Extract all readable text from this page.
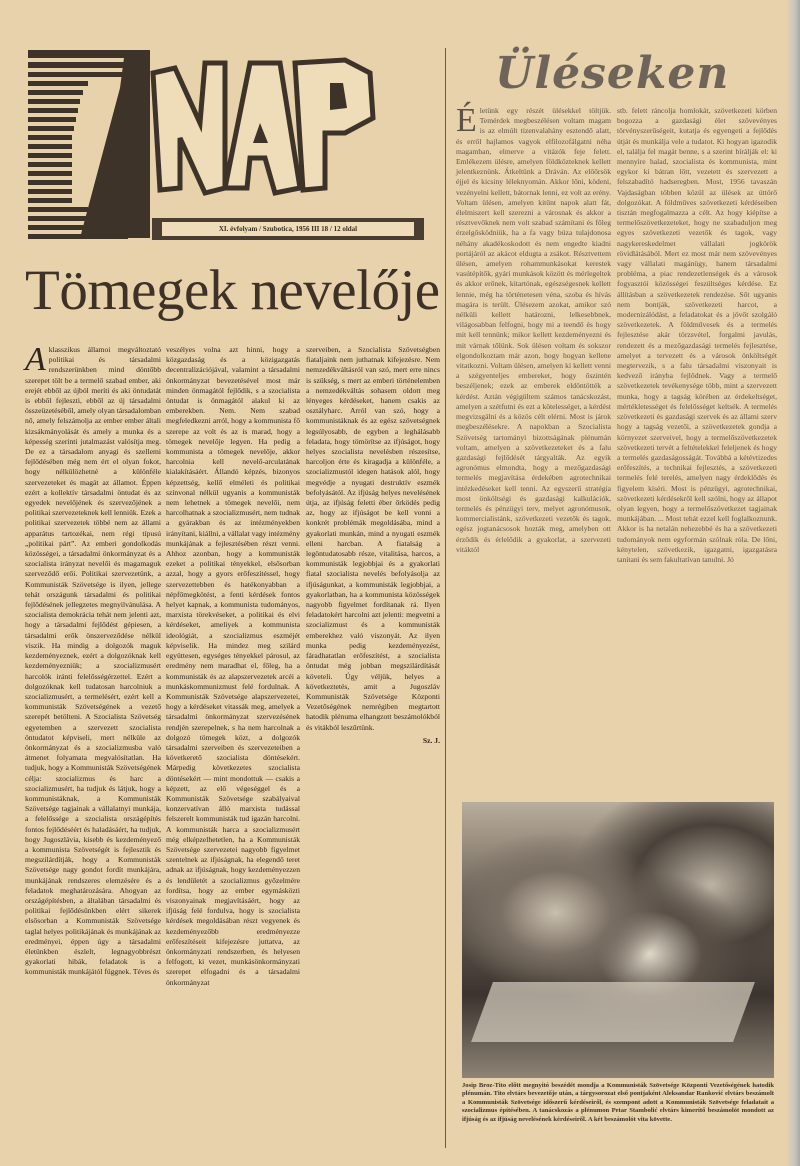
XI. évfolyam / Szubotica, 1956 III 18 / 12 oldal
Tömegek nevelője
Aklasszikus államoi megváltoztató politikai és társadalmi rendszerünkben mind döntőbb szerepet tölt be a termelő szabad ember, aki erejét ebből az újból meríti és aki öntudatát is ebből fejleszti, ebből az új társadalmi összeüzetéséből, amely olyan társadalomban nő, amely felszámolja az ember ember általi kizsákmányolását és amely a munka és a képesség szerinti jutalmazást valósítja meg. De ez a társadalom anyagi és szellemi fejlődésében még nem ért el olyan fokot, hogy nélkülözhetné a különféle szervezeteket és magát az államot. Éppen ezért a kollektív társadalmi öntudat és az egyedek nevelőjének és szervezőjének a politikai szervezeteknek kell lenniük. Ezek a politikai szervezetek többé nem az állami apparátus tartozékai, nem régi típusú „politikai párt”. Az emberi gondolkodás közösségei, a társadalmi önkormányzat és a szocialista irányzat nevelői és magamaguk szerveződő erői. Politikai szervezetünk, a Kommunisták Szövetsége is ilyen, jellege tehát országunk társadalmi és politikai fejlődésének jellegzetes megnyilvánulása. A szocialista demokrácia tehát nem jelenti azt, hogy a társadalmi fejlődést gépiesen, a társadalmi erők önszerveződése nélkül viszik. Ha mindig a dolgozók maguk kezdeményeznek, ezért a dolgozóknak kell kezdeményezniük; a szocializmusért harcolók iránti felelősségérzettel. Ezért a dolgozóknak kell tudatosan harcolniuk a szocializmusért, a termelésért, ezért kell a kommunisták Szövetségének a vezető szerepét betölteni. A Szocialista Szövetség egyetemben a szervezett szocialista öntudatot képviseli, mert nélküle az önkormányzat és a szocializmusba való átmenet folyamata megvalósítatlan. Ha tudjuk, hogy a Kommunisták Szövetségének célja: szocializmus és harc a szocializmusért, ha tudjuk és látjuk, hogy a kommunistáknak, a Kommunisták Szövetsége tagjainak a vállalatnyi munkája, a felelőssége a szocialista országépítés fontos fejlődéséért és haladásáért, ha tudjuk, hogy Jugoszlávia, kisebb és kezdeményező a kommunista Szövetségét is fejlesztik és megszilárdítják, hogy a Kommunisták Szövetsége nagy gondot fordít munkájára, munkájának rendszeres elemzésére és a feladatok meghatározására. Ahogyan az országépítésben, a általában társadalmi és politikai fejlődésünkben elért sikerek elsősorban a Kommunisták Szövetsége taglal helyes politikájának és munkájának az eredményei, éppen úgy a társadalmi életünkben észlelt, legnagyobbrészt gyakorlati hibák, feladatok is a kommunisták munkájától függnek. Téves és
veszélyes volna azt hinni, hogy a közgazdaság és a közigazgatás decentralizációjával, valamint a társadalmi önkormányzat bevezetésével most már minden önmagától fejlődik, s a szocialista öntudat is önmagától alakul ki az emberekben. Nem. Nem szabad megfeledkezni arról, hogy a kommunista fő szerepe az volt és az is marad, hogy a tömegek nevelője legyen. Ha pedig a kommunista a tömegek nevelője, akkor harcolnia kell nevelő-arculatának kialakításáért. Állandó képzés, bizonyos képzettség, kellő elméleti és politikai színvonal nélkül ugyanis a kommunisták nem lehetnek a tömegek nevelői, nem harcolhatnak a szocializmusért, nem tudnak a gyárakban és az intézményekben irányítani, kiállni, a vállalat vagy intézmény munkájának a fejlesztésében részt venni. Ahhoz azonban, hogy a kommunisták ezeket a politikai tényekkel, elsősorban azzal, hogy a gyors erőfeszítéssel, hogy szervezettebben és hatékonyabban a népfőmegkötést, a fenti kérdések fontos helyet kapnak, a kommunista tudományos, marxista törekvéseket, a politikai és elvi kérdéseket, ameliyek a kommunista ideológiát, a szocializmus eszméjét képviselik. Ha mindez meg szilárd együttesen, egységes tényekkel párosul, az eredmény nem maradhat el, főleg, ha a kommunisták és az alapszervezetek arcéi a munkáskommunizmust felé fordulnak. A Kommunisták Szövetsége alapszervezetei, hogy a kérdéseket vitassák meg, amelyek a társadalmi önkormányzat szervezésének rendjén szerepelnek, s ha nem harcolnak a dolgozó tömegek közt, a dolgozók társadalmi szerveiben és szervezeteiben a követkerető szocialista döntésekért. Márpedig következetes szocialista döntésekért — mint mondottuk — csakis a képzett, az elő végeséggel és a Kommunisták Szövetsége szabályaival konzervatívan álló marxista tudással felszerelt kommunisták tud igazán harcolni. A kommunisták harca a szocializmusért még elképzelhetetlen, ha a Kommunisták Szövetsége szervezetei nagyobb figyelmet szentelnek az ifjúságnak, ha elegendő teret adnak az ifjúságnak, hogy kezdeményezzen és lendületét a szocializmus győzelmére fordítsa, hogy az ember egymásközti viszonyainak megjavításáért, hogy az ifjúság felé fordulva, hogy is szocialista kérdések megoldásában részt vegyenek és kezdeményezőbb eredményezze erőfeszítéseit kifejezésre juttatva, az önkormányzati rendszerben, és helyesen felfogott, ki vezet, munkásönkormányzati szerepet elfogadni és a társadalmi önkormányzat
szerveiben, a Szocialista Szövetségben fiataljaink nem juthatnak kifejezésre. Nem nemzedékváltásról van szó, mert erre nincs is szükség, s mert az emberi történelemben a nemzedékváltás sohasem oldott meg lényeges kérdéseket, hanem csakis az osztályharc. Arról van szó, hogy a kommunistáknak és az egész szövetségnek legsúlyosabb, de egyben a leghálásabb feladata, hogy tömörítse az ifjúságot, hogy helyes szocialista nevelésben részesítse, harcoljon érte és kiragadja a különféle, a szocializmustól idegen hatások alól, hogy megvédje a nyugati destruktív eszmék befolyásától. Az ifjúság helyes nevelésének útja, az ifjúság feletti éber őrködés pedig az, hogy az ifjúságot be kell vonni a konkrét problémák megoldásába, mind a gyakorlati munkán, mind a nyugati eszmék elleni harcban. A fiatalság a legöntudatosabb része, vitalitása, harcos, a kommunisták legjobbjai és a gyakorlati fiatal szocialista nevelés befolyásolja az ifjúságunkat, a kommunisták legjobbjai, a gyakorlatban, ha a kommunista közösségek nagyobb figyelmet fordítanak rá. Ilyen feladatokért harcolni azt jelenti: megvetni a szocializmust és a kommunisták emberekhez való viszonyát. Az ilyen munka pedig kezdeményezést, fáradhatatlan erőfeszítést, a szocialista öntudat még jobban megszilárdítását követeli. Úgy véljük, helyes a következtetés, amit a Jugoszláv Kommunisták Szövetsége Központi Vezetőségének nemrégiben megtartott hatodik plénuma elhangzott beszámolókból és vitákból leszűrtünk.
Sz. J.
Üléseken
Életünk egy részét ülésekkel töltjük. Temérdek megbeszélésen voltam magam is az elmúlt tizenvalahány esztendő alatt, és erről hajlamos vagyok elfilozofálgatni néha magamban, elmerve a vitázók feje felett. Emlékezem ülésre, amelyen földközteknek kellett jelentkeznünk. Átkeltünk a Dráván. Az előőrsök éjjel és kicsiny léleknyomán. Akkor lőni, ködeni, vezényelni kellett, bátornak lenni, ez volt az erény. Voltam ülésen, amelyen kitűnt napok alatt fát, élelmiszert kell szerezni a városnak és akkor a résztvevőknek nem volt szabad számítani és főleg érzelgősködniük, ha a fa vagy búza tulajdonosa néhány akadékoskodott és nem engedte kiadni portájáról az akácot eldugta a zsákot. Résztvettem ülésen, amelyen rohammunkásokat kerestek vasútépítők, gyári munkások között és mérlegeltek és akkor erőnek, kitartónak, egészségesnek kellett lennie, még ha történetesen véna, szoba és hívás magára is terült. Ülésezem azokat, amikor szó nélküli kellett határozni, lelkesebbnek, világosabban felfogni, hogy mi a teendő és hogy mit kell tennünk; mikor kellett kezdeményezni és mit várnak tőlünk. Sok ülésen voltam és sokszor elgondolkoztam már azon, hogy hogyan kellene vitatkozni. Voltam ülésen, amelyen ki kellett venni a szégyenteljes embereket, hogy őszintén beszéljenek; ezek az emberek eldöntötték a kérdést. Aztán végigültem számos tanácskozást, amelyen a szétfutni és ezt a kötelességet, a kérdést megvizsgálni és a közös célt elérni. Most is járok megbeszélésekre. A napokban a Szocialista Szövetség tartományi bizottságának plénumán voltam, amelyen a szövetkezeteket és a falu gazdasági fejlődését tárgyalták. Az egyik agronómus elmondta, hogy a mezőgazdasági termelés megjavítása érdekében agrotechnikai intézkedéseket kell tenni. Az egyszerű stratégia most önköltségi és gazdasági kalkulációk, termelés és pénzügyi terv, melyet agronómusok, kommercialistánk, szövetkezeti vezetők és tagok, egész jogtanácsosok hozták meg, amelyben ott érződik és érlelődik a gyakorlat, a szervezeti vitáktól
stb. felett ráncolja homlokát, szövetkezeti körben bogozza a gazdasági élet szövevényes törvényszerűségeit, kutatja és egyengeti a fejlődés útját és munkálja vele a tudatot. Ki hogyan igazodik el, találja fel magát benne, s a szerint bírálják el: ki mennyire halad, szocialista és kommunista, mint egykor ki bátran lőtt, vezetett és szervezett a felszabadító hadseregben. Most, 1956 tavaszán Vajdaságban többen közül az ülések az úttörő dolgozókat. A földműves szövetkezeti kérdéseiben tisztán megfogalmazza a célt. Az hogy kiépítse a termelőszövetkezeteket, hogy ne szabaduljon meg egyes szövetkezeti vezetők és tagok, vagy nagykereskedelmet vállalati jogkörök rövidlátásából. Mert ez most már nem szövevényes vagy vállalati magánügy, hanem társadalmi probléma, a piac rendezetlenségek és a városok fogyasztói közösségei feszültséges kérdése. Ez állításban a szövetkezetek rendezése. Sőt ugyanis nem bontják, szövetkezeti harcot, a modernizálódást, a feladatokat és a jövőt szolgáló szövetkezetek. A földművesek és a termelés fejlesztése akár törzsvétel, forgalmi javulás, rendezett és a mezőgazdasági termelés fejlesztése, amelyet a tervezett és a városok önköltségét megtervezik, s a falu társadalmi viszonyait is kedvező irányba fejlődnek. Vagy a termelő szövetkezetek tevékenysége több, mint a szervezett munka, hogy a tagság körében az érdekeltséget, mértékletességet és felelősséget keltsék. A termelés szövetkezeti és gazdasági szervek és az állami szerv hogy a tagság vezetői, a szövetkezetek gondja a környezet szerveivel, hogy a termelőszövetkezetek szövetkezeti tervét a feltételekkel feleljenek és hogy a termelés gazdaságosságát. Továbbá a kétévtizedes erőfeszítés, a technikai fejlesztés, a szövetkezeti termelés felé terelés, amelyen nagy érdeklődés és figyelem kíséri. Most is pénzügyi, agrotechnikai, szövetkezeti kérdésekről kell szólni, hogy az állapot olyan legyen, hogy a termelőszövetkezet tagjainak munkájában. ... Most tehát ezzel kell foglalkoznunk. Akkor is ha netalán nehezebbé és ha a szövetkezeti tudományok nem egyformán szólnak róla. De lőni, kénytelen, szövetkezik, igazgatni, igazgatásra tanítani és sem fakultatívan tanulni. Jó
Josip Broz-Tito előtt megnyitó beszédét mondja a Kommunisták Szövetsége Központi Vezetőségének hatodik plénumán. Tito elvtárs bevezetője után, a tárgysorozat első pontjaként Aleksandar Ranković elvtárs beszámolt a Kommunisták Szövetsége időszerű kérdéseiről, és szempont adott a Kommunisták Szövetsége feladatait a szocializmus építésében. A tanácskozás a plénumon Petar Stambolić elvtárs kimerítő beszámolót mondott az ifjúság és az ifjúság nevelésének kérdéseiről. A két beszámolót vita követte.
